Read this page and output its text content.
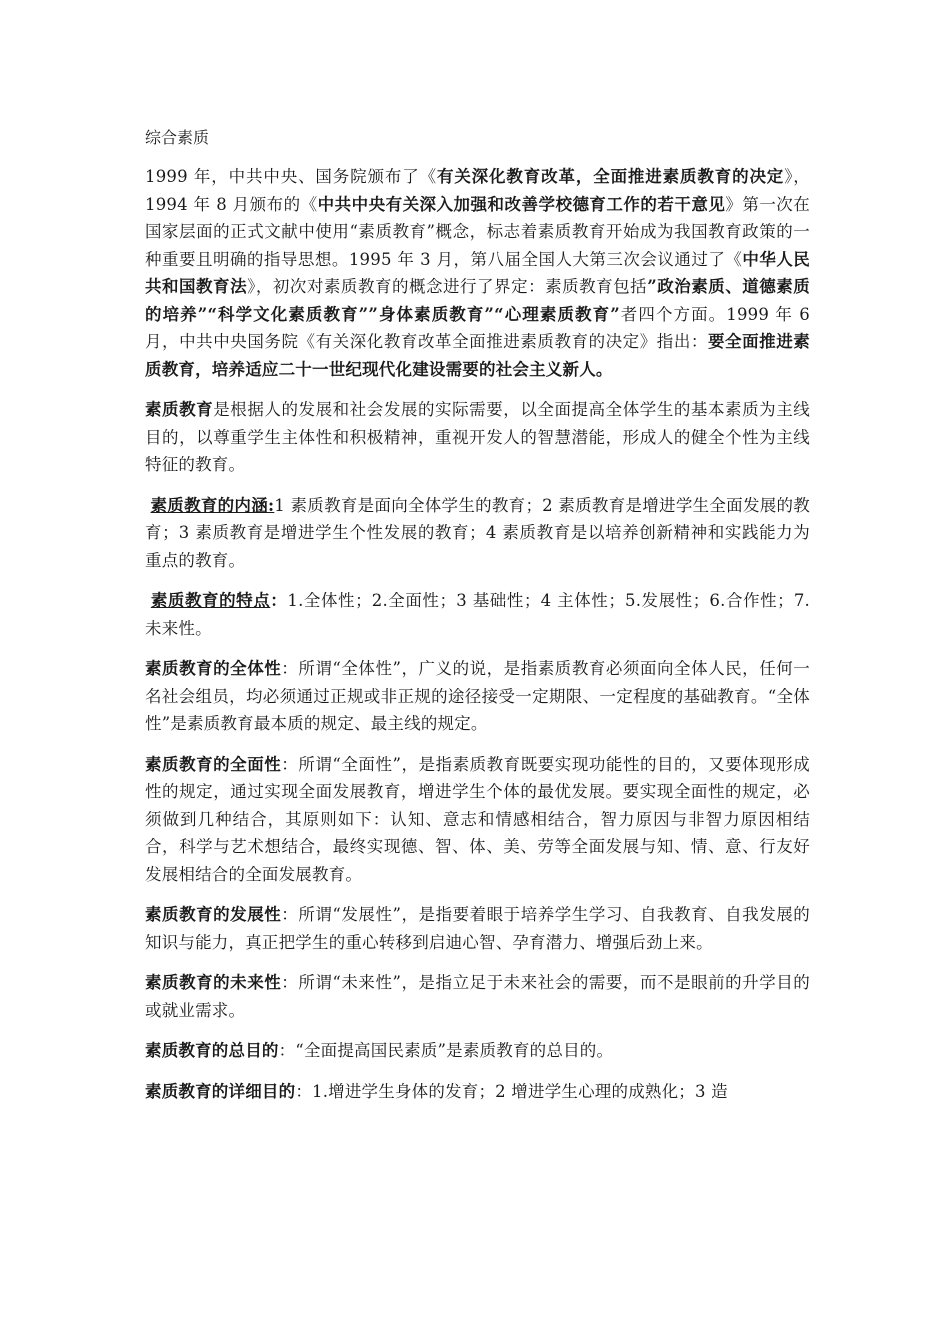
综合素质

1999 年，中共中央、国务院颁布了《有关深化教育改革，全面推进素质教育的决定》，1994 年 8 月颁布的《中共中央有关深入加强和改善学校德育工作的若干意见》第一次在国家层面的正式文献中使用“素质教育”概念，标志着素质教育开始成为我国教育政策的一种重要且明确的指导思想。1995 年 3 月，第八届全国人大第三次会议通过了《中华人民共和国教育法》，初次对素质教育的概念进行了界定：素质教育包括”政治素质、道德素质的培养”“科学文化素质教育””身体素质教育”“心理素质教育”者四个方面。1999 年 6 月，中共中央国务院《有关深化教育改革全面推进素质教育的决定》指出：要全面推进素质教育，培养适应二十一世纪现代化建设需要的社会主义新人。

素质教育是根据人的发展和社会发展的实际需要，以全面提高全体学生的基本素质为主线目的，以尊重学生主体性和积极精神，重视开发人的智慧潜能，形成人的健全个性为主线特征的教育。

素质教育的内涵:1 素质教育是面向全体学生的教育；2 素质教育是增进学生全面发展的教育；3 素质教育是增进学生个性发展的教育；4 素质教育是以培养创新精神和实践能力为重点的教育。

素质教育的特点：1.全体性；2.全面性；3 基础性；4 主体性；5.发展性；6.合作性；7.未来性。

素质教育的全体性：所谓“全体性”，广义的说，是指素质教育必须面向全体人民，任何一名社会组员，均必须通过正规或非正规的途径接受一定期限、一定程度的基础教育。“全体性”是素质教育最本质的规定、最主线的规定。

素质教育的全面性：所谓“全面性”，是指素质教育既要实现功能性的目的，又要体现形成性的规定，通过实现全面发展教育，增进学生个体的最优发展。要实现全面性的规定，必须做到几种结合，其原则如下：认知、意志和情感相结合，智力原因与非智力原因相结合，科学与艺术想结合，最终实现德、智、体、美、劳等全面发展与知、情、意、行友好发展相结合的全面发展教育。

素质教育的发展性：所谓“发展性”，是指要着眼于培养学生学习、自我教育、自我发展的知识与能力，真正把学生的重心转移到启迪心智、孕育潜力、增强后劲上来。

素质教育的未来性：所谓“未来性”，是指立足于未来社会的需要，而不是眼前的升学目的或就业需求。

素质教育的总目的：“全面提高国民素质”是素质教育的总目的。

素质教育的详细目的：1.增进学生身体的发育；2 增进学生心理的成熟化；3 造
